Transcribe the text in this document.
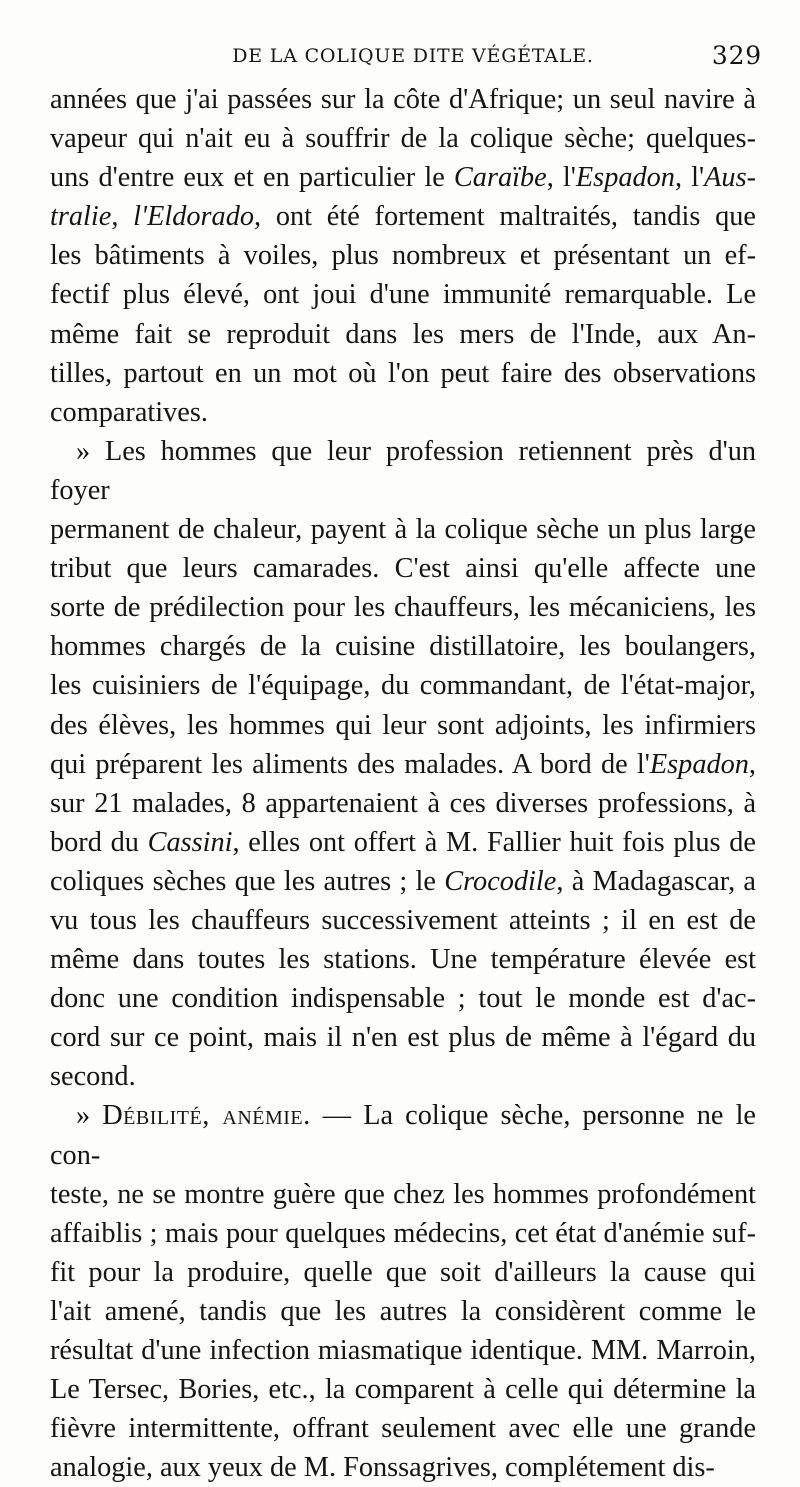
DE LA COLIQUE DITE VÉGÉTALE.	329
années que j'ai passées sur la côte d'Afrique; un seul navire à
vapeur qui n'ait eu à souffrir de la colique sèche; quelques-
uns d'entre eux et en particulier le Caraïbe, l'Espadon, l'Aus-
tralie, l'Eldorado, ont été fortement maltraités, tandis que
les bâtiments à voiles, plus nombreux et présentant un ef-
fectif plus élevé, ont joui d'une immunité remarquable. Le
même fait se reproduit dans les mers de l'Inde, aux An-
tilles, partout en un mot où l'on peut faire des observations
comparatives.
» Les hommes que leur profession retiennent près d'un foyer
permanent de chaleur, payent à la colique sèche un plus large
tribut que leurs camarades. C'est ainsi qu'elle affecte une
sorte de prédilection pour les chauffeurs, les mécaniciens, les
hommes chargés de la cuisine distillatoire, les boulangers,
les cuisiniers de l'équipage, du commandant, de l'état-major,
des élèves, les hommes qui leur sont adjoints, les infirmiers
qui préparent les aliments des malades. A bord de l'Espadon,
sur 21 malades, 8 appartenaient à ces diverses professions, à
bord du Cassini, elles ont offert à M. Fallier huit fois plus de
coliques sèches que les autres ; le Crocodile, à Madagascar, a
vu tous les chauffeurs successivement atteints ; il en est de
même dans toutes les stations. Une température élevée est
donc une condition indispensable ; tout le monde est d'ac-
cord sur ce point, mais il n'en est plus de même à l'égard du
second.
» Débilité, anémie. — La colique sèche, personne ne le con-
teste, ne se montre guère que chez les hommes profondément
affaiblis ; mais pour quelques médecins, cet état d'anémie suf-
fit pour la produire, quelle que soit d'ailleurs la cause qui
l'ait amené, tandis que les autres la considèrent comme le
résultat d'une infection miasmatique identique. MM. Marroin,
Le Tersec, Bories, etc., la comparent à celle qui détermine la
fièvre intermittente, offrant seulement avec elle une grande
analogie, aux yeux de M. Fonssagrives, complétement dis-
